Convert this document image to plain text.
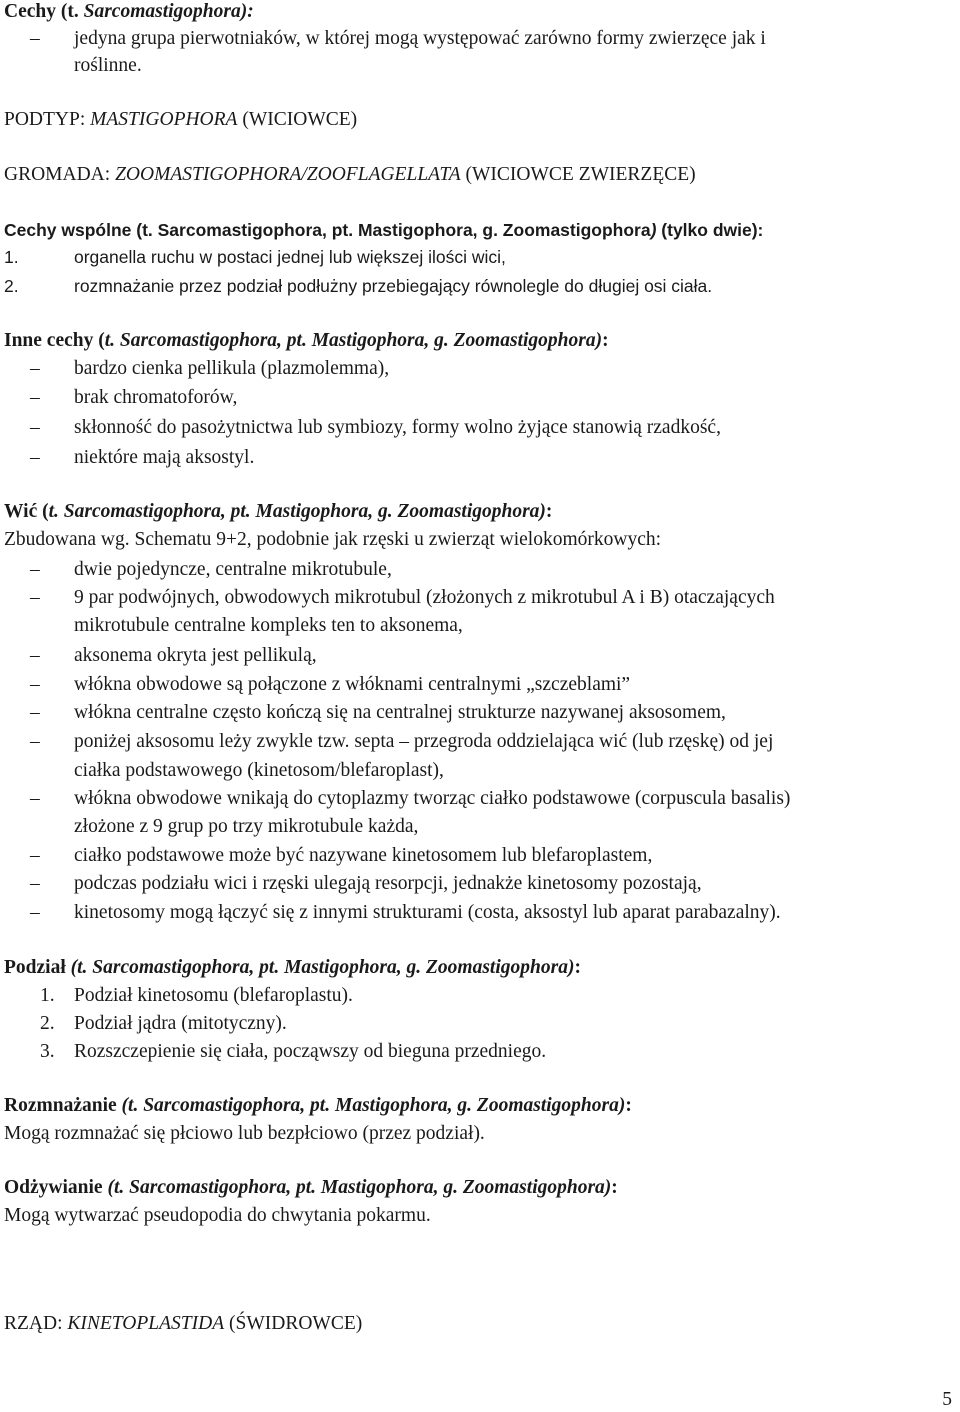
Cechy (t. Sarcomastigophora):
– jedyna grupa pierwotniaków, w której mogą występować zarówno formy zwierzęce jak i
roślinne.
PODTYP: MASTIGOPHORA (WICIOWCE)
GROMADA: ZOOMASTIGOPHORA/ZOOFLAGELLATA (WICIOWCE ZWIERZĘCE)
Cechy wspólne (t. Sarcomastigophora, pt. Mastigophora, g. Zoomastigophora) (tylko dwie):
1.	organella ruchu w postaci jednej lub większej ilości wici,
2.	rozmnażanie przez podział podłużny przebiegający równolegle do długiej osi ciała.
Inne cechy (t. Sarcomastigophora, pt. Mastigophora, g. Zoomastigophora):
– bardzo cienka pellikula (plazmolemma),
– brak chromatoforów,
– skłonność do pasożytnictwa lub symbiozy, formy wolno żyjące stanowią rzadkość,
– niektóre mają aksostyl.
Wić (t. Sarcomastigophora, pt. Mastigophora, g. Zoomastigophora):
Zbudowana wg. Schematu 9+2, podobnie jak rzęski u zwierząt wielokomórkowych:
– dwie pojedyncze, centralne mikrotubule,
– 9 par podwójnych, obwodowych mikrotubul (złożonych z mikrotubul A i B) otaczających
mikrotubule centralne kompleks ten to aksonema,
– aksonema okryta jest pellikulą,
– włókna obwodowe są połączone z włóknami centralnymi „szczeblami”
– włókna centralne często kończą się na centralnej strukturze nazywanej aksosomem,
– poniżej aksosomu leży zwykle tzw. septa – przegroda oddzielająca wić (lub rzęskę) od jej
ciałka podstawowego (kinetosom/blefaroplast),
– włókna obwodowe wnikają do cytoplazmy tworząc ciałko podstawowe (corpuscula basalis)
złożone z 9 grup po trzy mikrotubule każda,
– ciałko podstawowe może być nazywane kinetosomem lub blefaroplastem,
– podczas podziału wici i rzęski ulegają resorpcji, jednakże kinetosomy pozostają,
– kinetosomy mogą łączyć się z innymi strukturami (costa, aksostyl lub aparat parabazalny).
Podział (t. Sarcomastigophora, pt. Mastigophora, g. Zoomastigophora):
1. Podział kinetosomu (blefaroplastu).
2. Podział jądra (mitotyczny).
3. Rozszczepienie się ciała, począwszy od bieguna przedniego.
Rozmnażanie (t. Sarcomastigophora, pt. Mastigophora, g. Zoomastigophora):
Mogą rozmnażać się płciowo lub bezpłciowo (przez podział).
Odżywianie (t. Sarcomastigophora, pt. Mastigophora, g. Zoomastigophora):
Mogą wytwarzać pseudopodia do chwytania pokarmu.
RZĄD: KINETOPLASTIDA (ŚWIDROWCE)
5
